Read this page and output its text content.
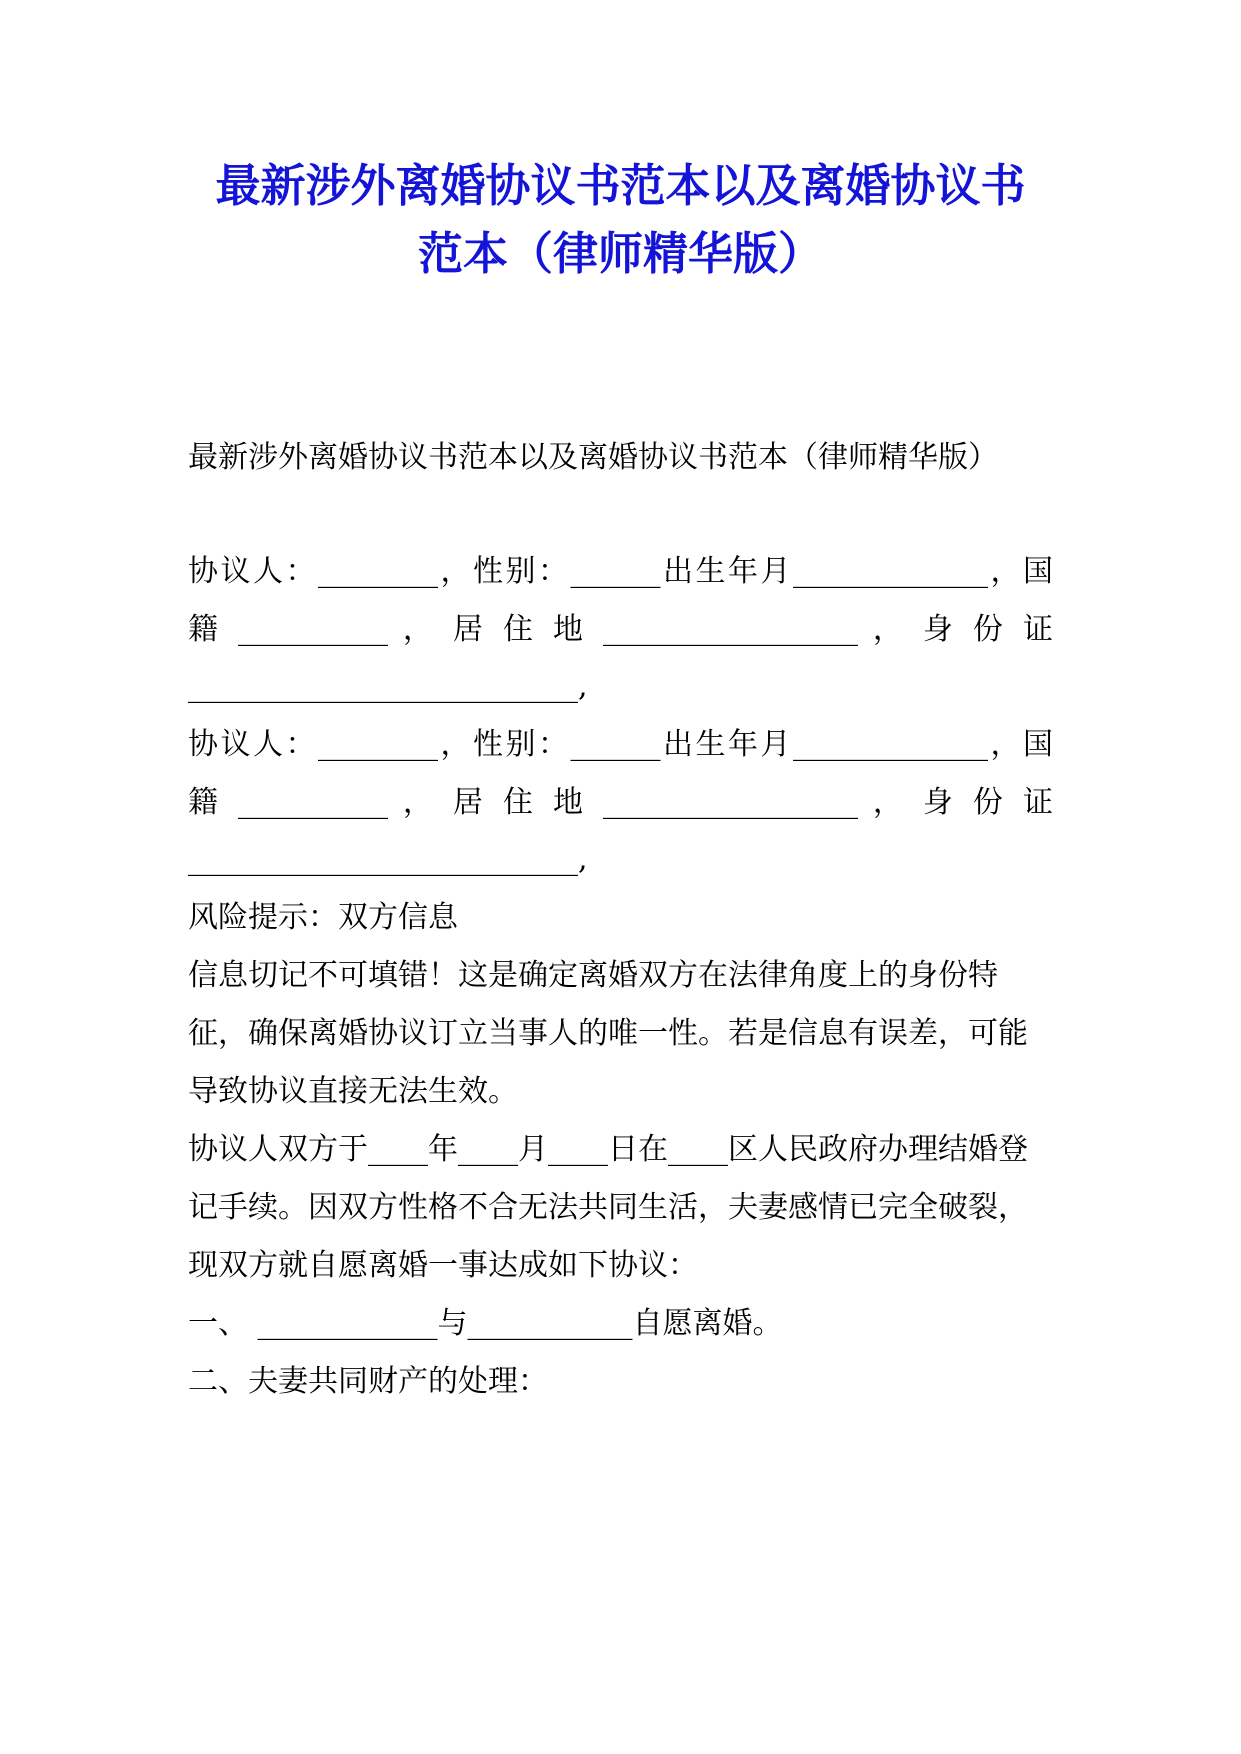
最新涉外离婚协议书范本以及离婚协议书
范本（律师精华版）

最新涉外离婚协议书范本以及离婚协议书范本（律师精华版）

协议人：________，性别：______出生年月_____________，国

籍 __________ ， 居 住 地 _________________ ， 身 份 证

__________________________,

协议人：________，性别：______出生年月_____________，国

籍 __________ ， 居 住 地 _________________ ， 身 份 证

__________________________,

风险提示：双方信息

信息切记不可填错！这是确定离婚双方在法律角度上的身份特

征，确保离婚协议订立当事人的唯一性。若是信息有误差，可能

导致协议直接无法生效。

协议人双方于____年____月____日在____区人民政府办理结婚登

记手续。因双方性格不合无法共同生活，夫妻感情已完全破裂，

现双方就自愿离婚一事达成如下协议：

一、 ____________与___________自愿离婚。

二、夫妻共同财产的处理：
